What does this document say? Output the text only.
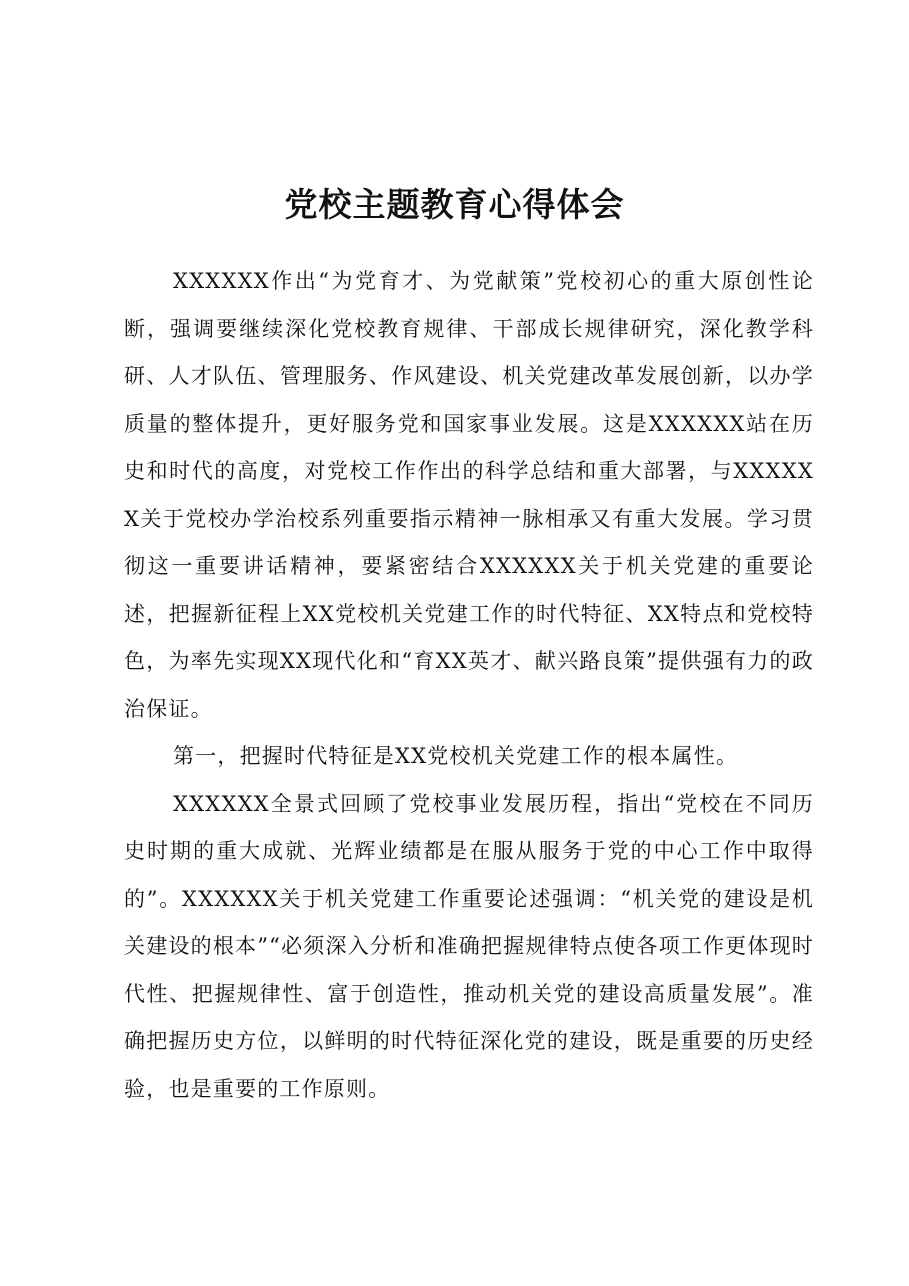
党校主题教育心得体会

XXXXXX作出“为党育才、为党献策”党校初心的重大原创性论断，强调要继续深化党校教育规律、干部成长规律研究，深化教学科研、人才队伍、管理服务、作风建设、机关党建改革发展创新，以办学质量的整体提升，更好服务党和国家事业发展。这是XXXXXX站在历史和时代的高度，对党校工作作出的科学总结和重大部署，与XXXXXX关于党校办学治校系列重要指示精神一脉相承又有重大发展。学习贯彻这一重要讲话精神，要紧密结合XXXXXX关于机关党建的重要论述，把握新征程上XX党校机关党建工作的时代特征、XX特点和党校特色，为率先实现XX现代化和“育XX英才、献兴路良策”提供强有力的政治保证。

第一，把握时代特征是XX党校机关党建工作的根本属性。

XXXXXX全景式回顾了党校事业发展历程，指出“党校在不同历史时期的重大成就、光辉业绩都是在服从服务于党的中心工作中取得的”。XXXXXX关于机关党建工作重要论述强调：“机关党的建设是机关建设的根本”“必须深入分析和准确把握规律特点使各项工作更体现时代性、把握规律性、富于创造性，推动机关党的建设高质量发展”。准确把握历史方位，以鲜明的时代特征深化党的建设，既是重要的历史经验，也是重要的工作原则。
